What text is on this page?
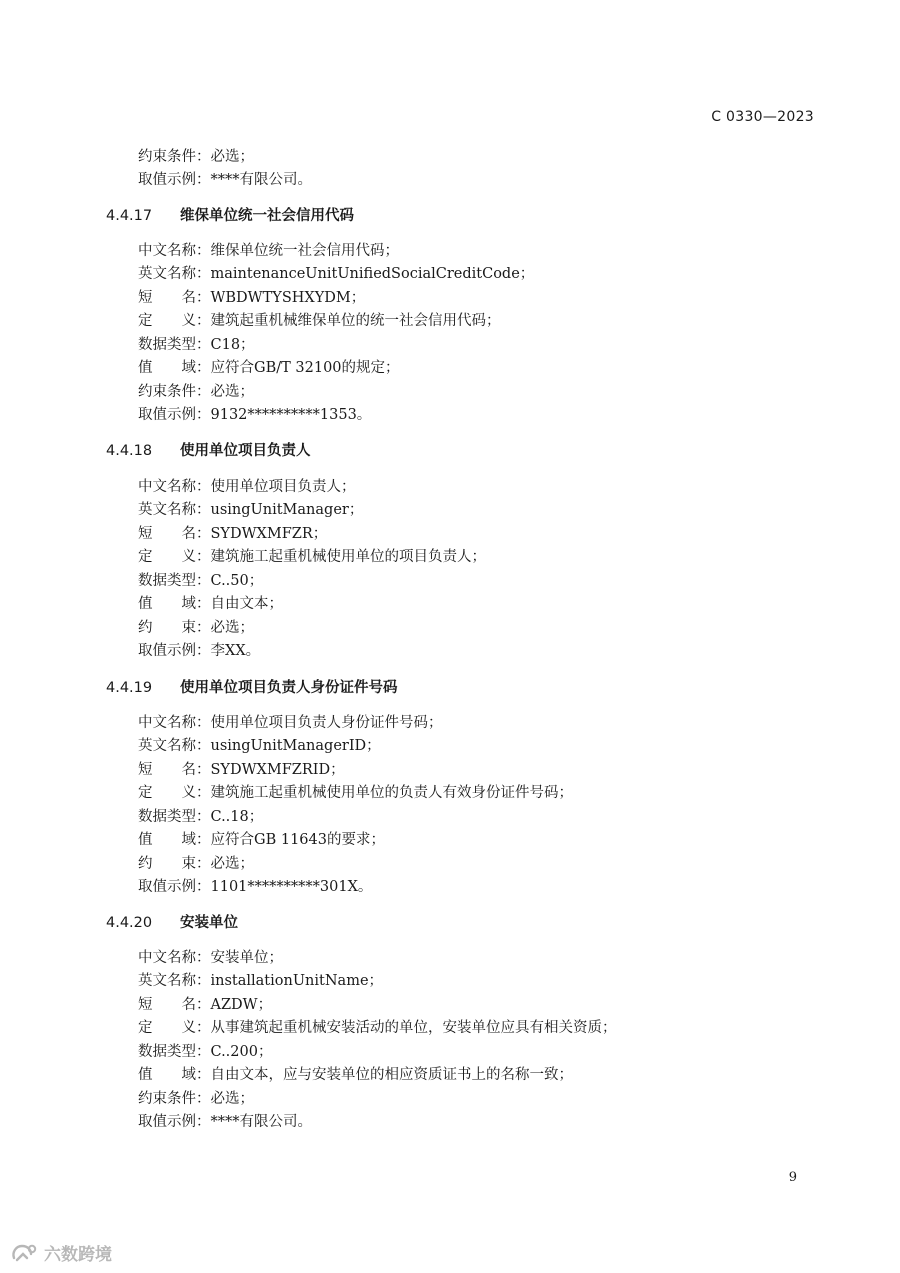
C 0330—2023
约束条件：必选；
取值示例：****有限公司。
4.4.17 维保单位统一社会信用代码
中文名称：维保单位统一社会信用代码；
英文名称：maintenanceUnitUnifiedSocialCreditCode；
短　　名：WBDWTYSHXYDM；
定　　义：建筑起重机械维保单位的统一社会信用代码；
数据类型：C18；
值　　域：应符合GB/T 32100的规定；
约束条件：必选；
取值示例：9132**********1353。
4.4.18 使用单位项目负责人
中文名称：使用单位项目负责人；
英文名称：usingUnitManager；
短　　名：SYDWXMFZR；
定　　义：建筑施工起重机械使用单位的项目负责人；
数据类型：C..50；
值　　域：自由文本；
约　　束：必选；
取值示例：李XX。
4.4.19 使用单位项目负责人身份证件号码
中文名称：使用单位项目负责人身份证件号码；
英文名称：usingUnitManagerID；
短　　名：SYDWXMFZRID；
定　　义：建筑施工起重机械使用单位的负责人有效身份证件号码；
数据类型：C..18；
值　　域：应符合GB 11643的要求；
约　　束：必选；
取值示例：1101**********301X。
4.4.20 安装单位
中文名称：安装单位；
英文名称：installationUnitName；
短　　名：AZDW；
定　　义：从事建筑起重机械安装活动的单位，安装单位应具有相关资质；
数据类型：C..200；
值　　域：自由文本，应与安装单位的相应资质证书上的名称一致；
约束条件：必选；
取值示例：****有限公司。
9
六数跨境
